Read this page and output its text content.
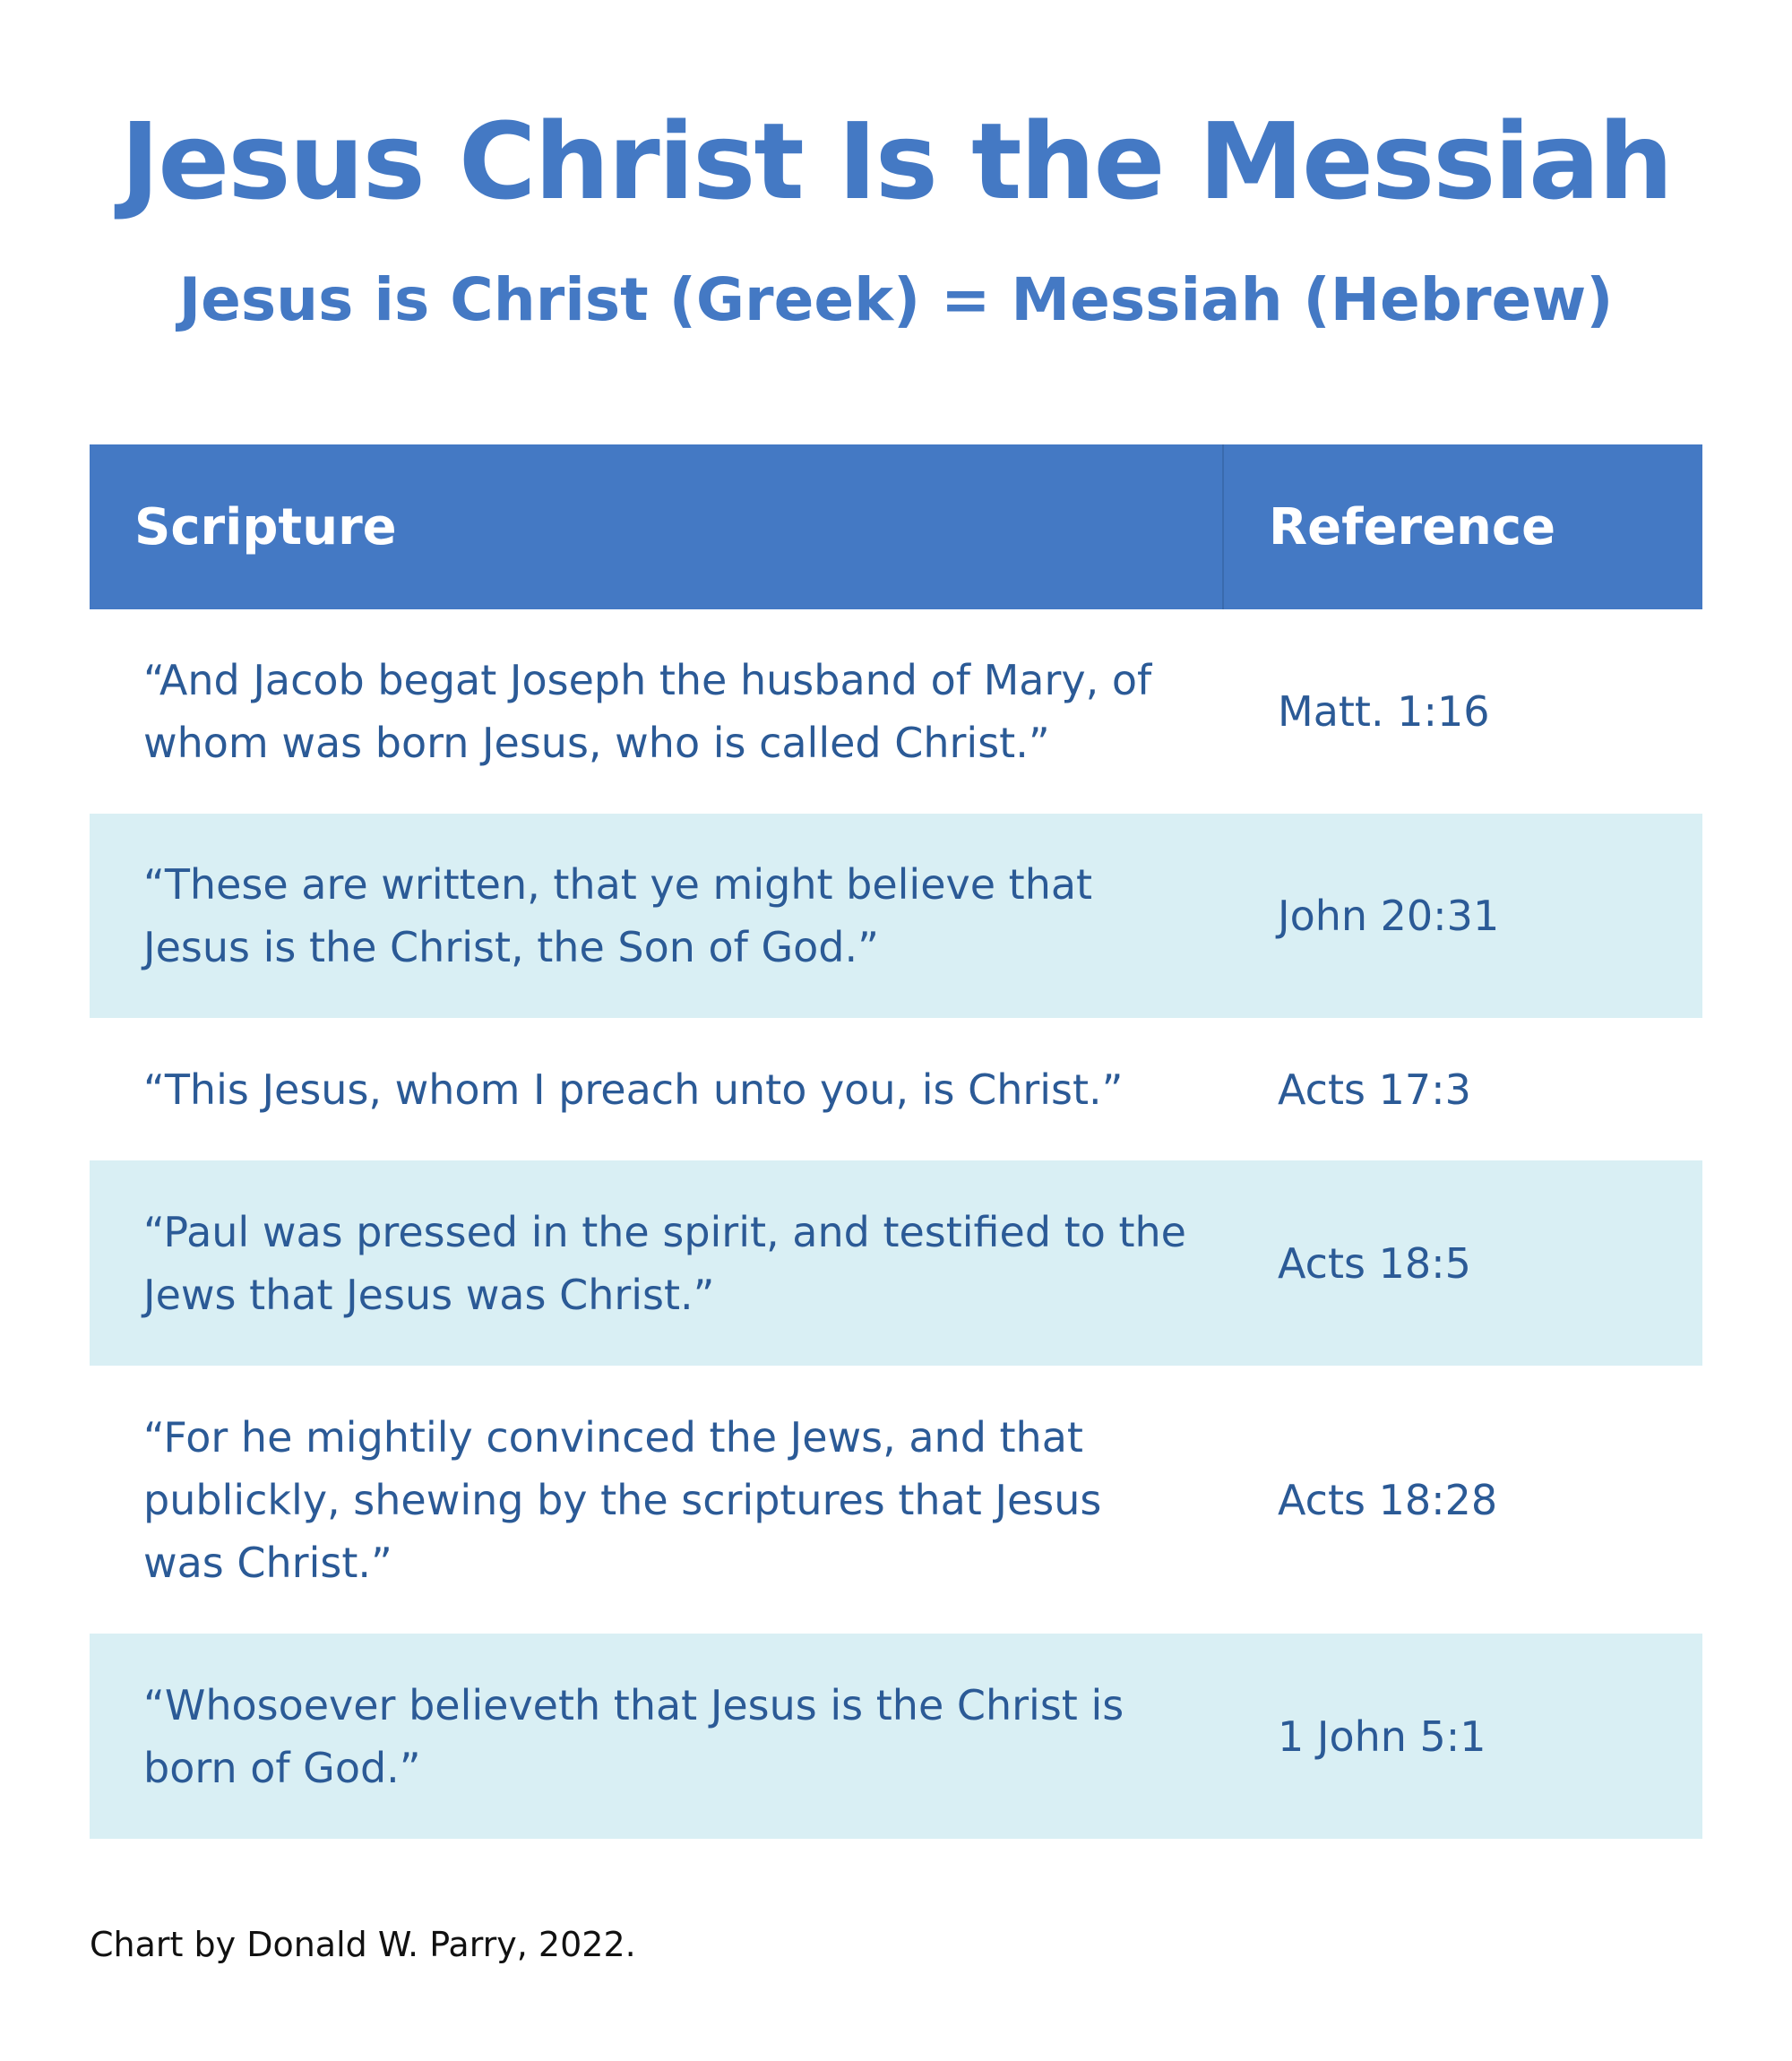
Jesus Christ Is the Messiah
Jesus is Christ (Greek) = Messiah (Hebrew)
Scripture	Reference
“And Jacob begat Joseph the husband of Mary, of whom was born Jesus, who is called Christ.”
Matt. 1:16
“These are written, that ye might believe that Jesus is the Christ, the Son of God.”
John 20:31
“This Jesus, whom I preach unto you, is Christ.”	Acts 17:3
“Paul was pressed in the spirit, and testified to the Jews that Jesus was Christ.”
Acts 18:5
“For he mightily convinced the Jews, and that publickly, shewing by the scriptures that Jesus was Christ.”
Acts 18:28
“Whosoever believeth that Jesus is the Christ is born of God.”
1 John 5:1
Chart by Donald W. Parry, 2022.
